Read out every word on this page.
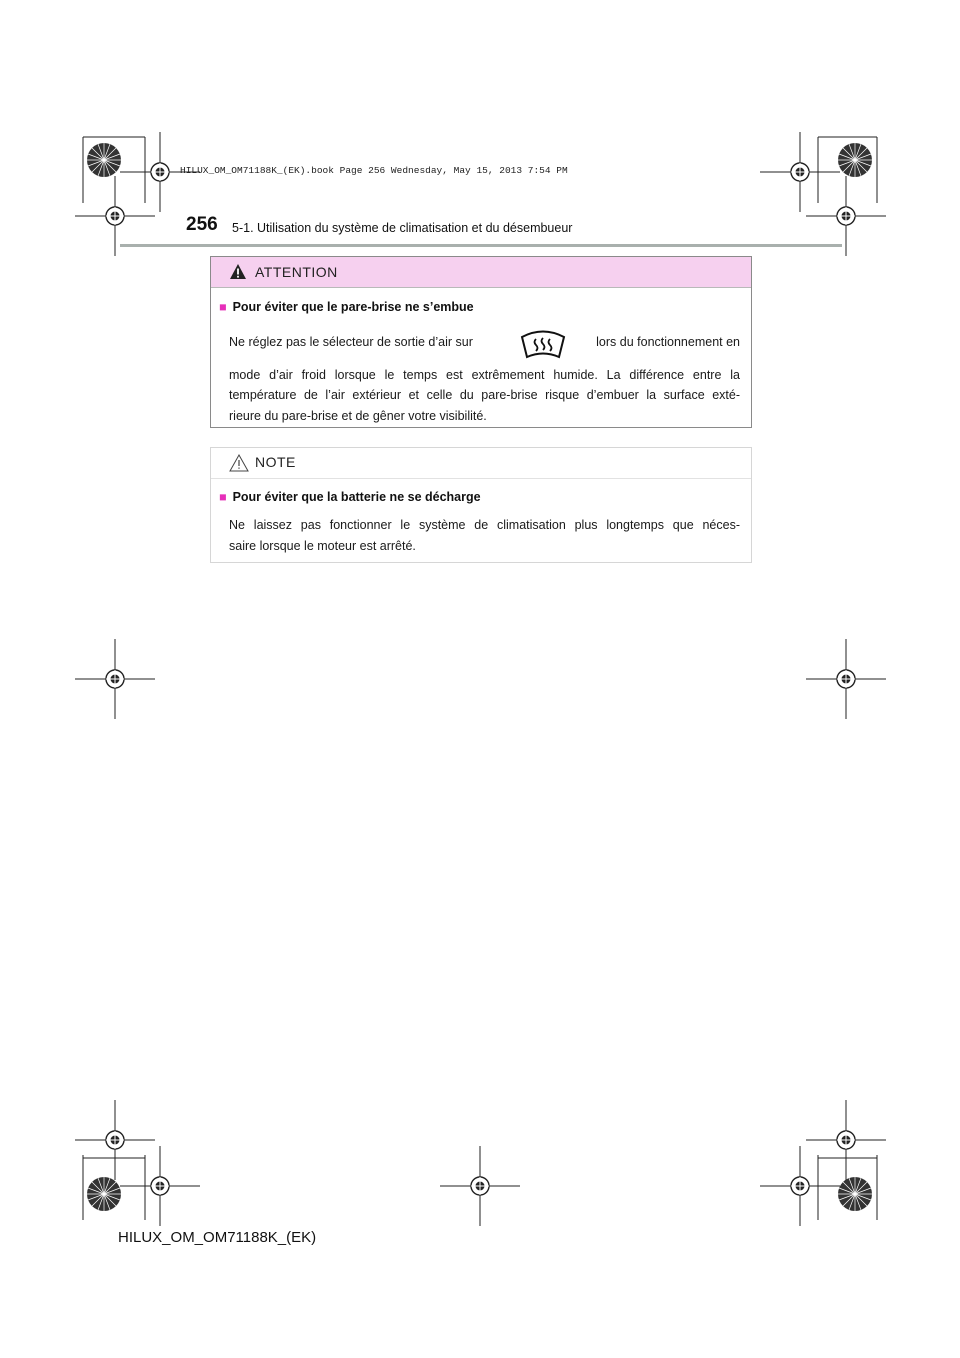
HILUX_OM_OM71188K_(EK).book Page 256 Wednesday, May 15, 2013 7:54 PM
256 5-1. Utilisation du système de climatisation et du désembueur
ATTENTION
■ Pour éviter que le pare-brise ne s’embue
Ne réglez pas le sélecteur de sortie d’air sur	lors du fonctionnement en
mode d’air froid lorsque le temps est extrêmement humide. La différence entre la
température de l’air extérieur et celle du pare-brise risque d’embuer la surface exté-
rieure du pare-brise et de gêner votre visibilité.
NOTE
■ Pour éviter que la batterie ne se décharge
Ne laissez pas fonctionner le système de climatisation plus longtemps que néces-
saire lorsque le moteur est arrêté.
HILUX_OM_OM71188K_(EK)
